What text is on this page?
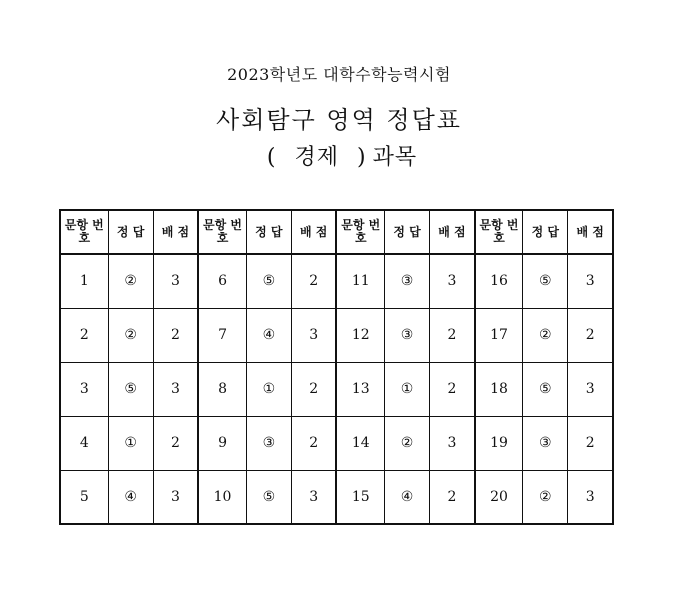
2023학년도 대학수학능력시험
사회탐구 영역 정답표
( 경제 ) 과목
문항 번호	정 답	배 점	문항 번호	정 답	배 점	문항 번호	정 답	배 점	문항 번호	정 답	배 점
1	②	3	6	⑤	2	11	③	3	16	⑤	3
2	②	2	7	④	3	12	③	2	17	②	2
3	⑤	3	8	①	2	13	①	2	18	⑤	3
4	①	2	9	③	2	14	②	3	19	③	2
5	④	3	10	⑤	3	15	④	2	20	②	3
